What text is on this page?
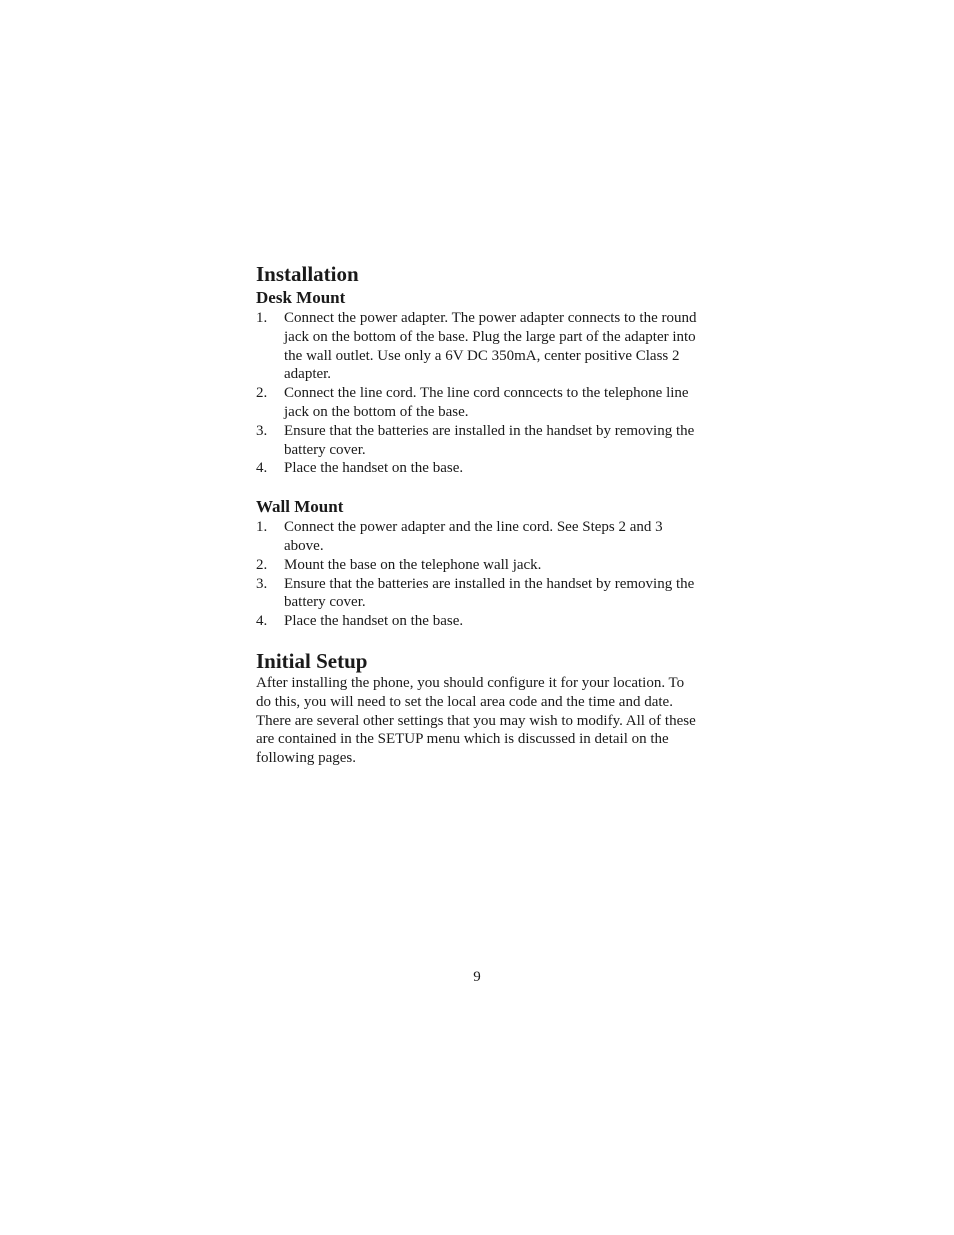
Installation
Desk Mount
1. Connect the power adapter. The power adapter connects to the round jack on the bottom of the base. Plug the large part of the adapter into the wall outlet. Use only a 6V DC 350mA, center positive Class 2 adapter.
2. Connect the line cord. The line cord conncects to the telephone line jack on the bottom of the base.
3. Ensure that the batteries are installed in the handset by removing the battery cover.
4. Place the handset on the base.
Wall Mount
1. Connect the power adapter and the line cord. See Steps 2 and 3 above.
2. Mount the base on the telephone wall jack.
3. Ensure that the batteries are installed in the handset by removing the battery cover.
4. Place the handset on the base.
Initial Setup

After installing the phone, you should configure it for your location. To do this, you will need to set the local area code and the time and date. There are several other settings that you may wish to modify. All of these are contained in the SETUP menu which is discussed in detail on the following pages.

9
